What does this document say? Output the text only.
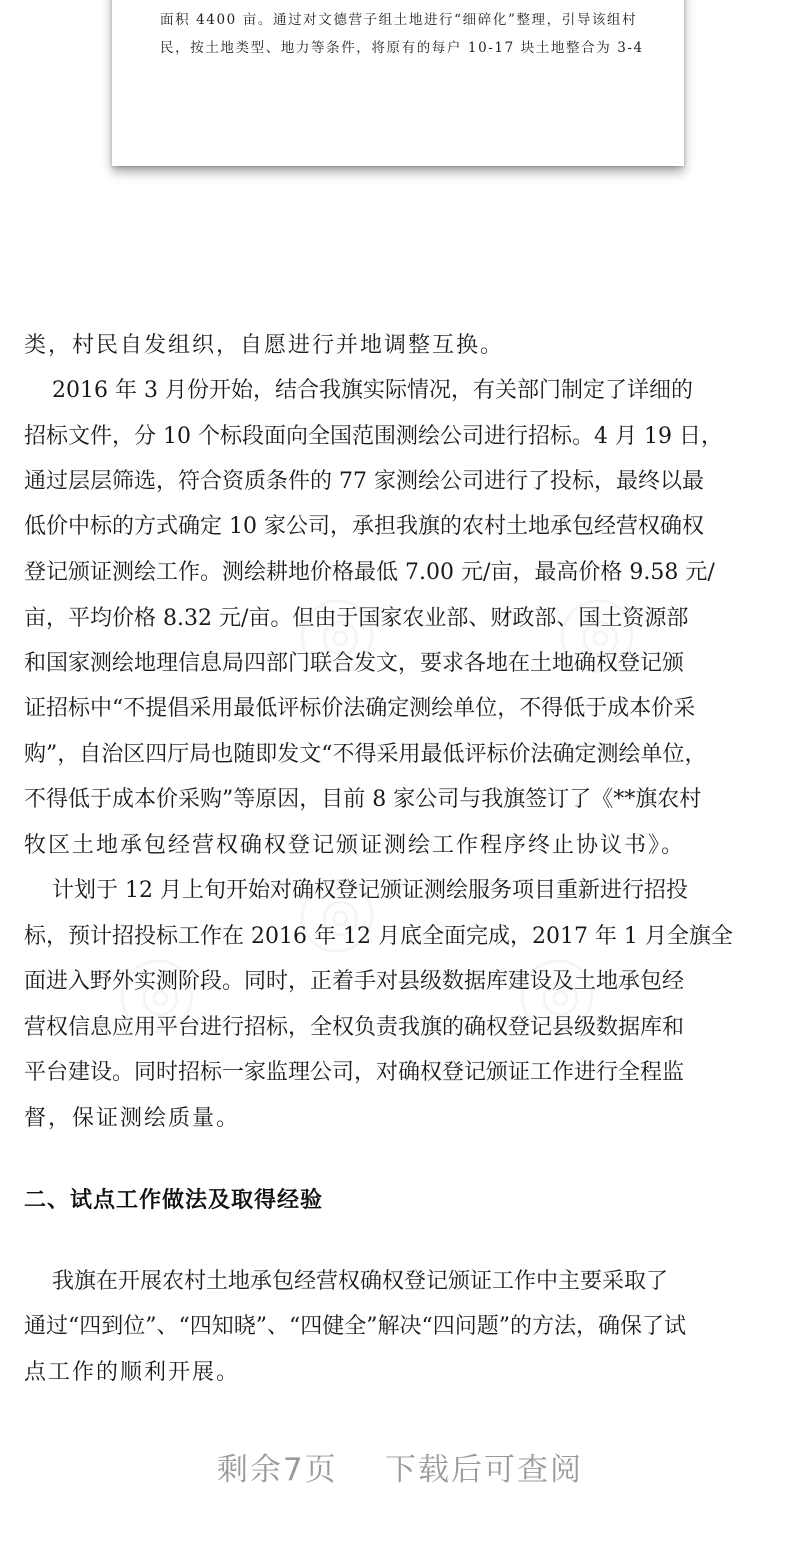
面积 4400 亩。通过对文德营子组土地进行“细碎化”整理，引导该组村
民，按土地类型、地力等条件，将原有的每户 10-17 块土地整合为 3-4
类，村民自发组织，自愿进行并地调整互换。
2016 年 3 月份开始，结合我旗实际情况，有关部门制定了详细的
招标文件，分 10 个标段面向全国范围测绘公司进行招标。4 月 19 日，
通过层层筛选，符合资质条件的 77 家测绘公司进行了投标，最终以最
低价中标的方式确定 10 家公司，承担我旗的农村土地承包经营权确权
登记颁证测绘工作。测绘耕地价格最低 7.00 元/亩，最高价格 9.58 元/
亩，平均价格 8.32 元/亩。但由于国家农业部、财政部、国土资源部
和国家测绘地理信息局四部门联合发文，要求各地在土地确权登记颁
证招标中“不提倡采用最低评标价法确定测绘单位，不得低于成本价采
购”，自治区四厅局也随即发文“不得采用最低评标价法确定测绘单位，
不得低于成本价采购”等原因，目前 8 家公司与我旗签订了《**旗农村
牧区土地承包经营权确权登记颁证测绘工作程序终止协议书》。
计划于 12 月上旬开始对确权登记颁证测绘服务项目重新进行招投
标，预计招投标工作在 2016 年 12 月底全面完成，2017 年 1 月全旗全
面进入野外实测阶段。同时，正着手对县级数据库建设及土地承包经
营权信息应用平台进行招标，全权负责我旗的确权登记县级数据库和
平台建设。同时招标一家监理公司，对确权登记颁证工作进行全程监
督，保证测绘质量。
二、试点工作做法及取得经验
我旗在开展农村土地承包经营权确权登记颁证工作中主要采取了
通过“四到位”、“四知晓”、“四健全”解决“四问题”的方法，确保了试
点工作的顺利开展。
剩余7页    下载后可查阅
